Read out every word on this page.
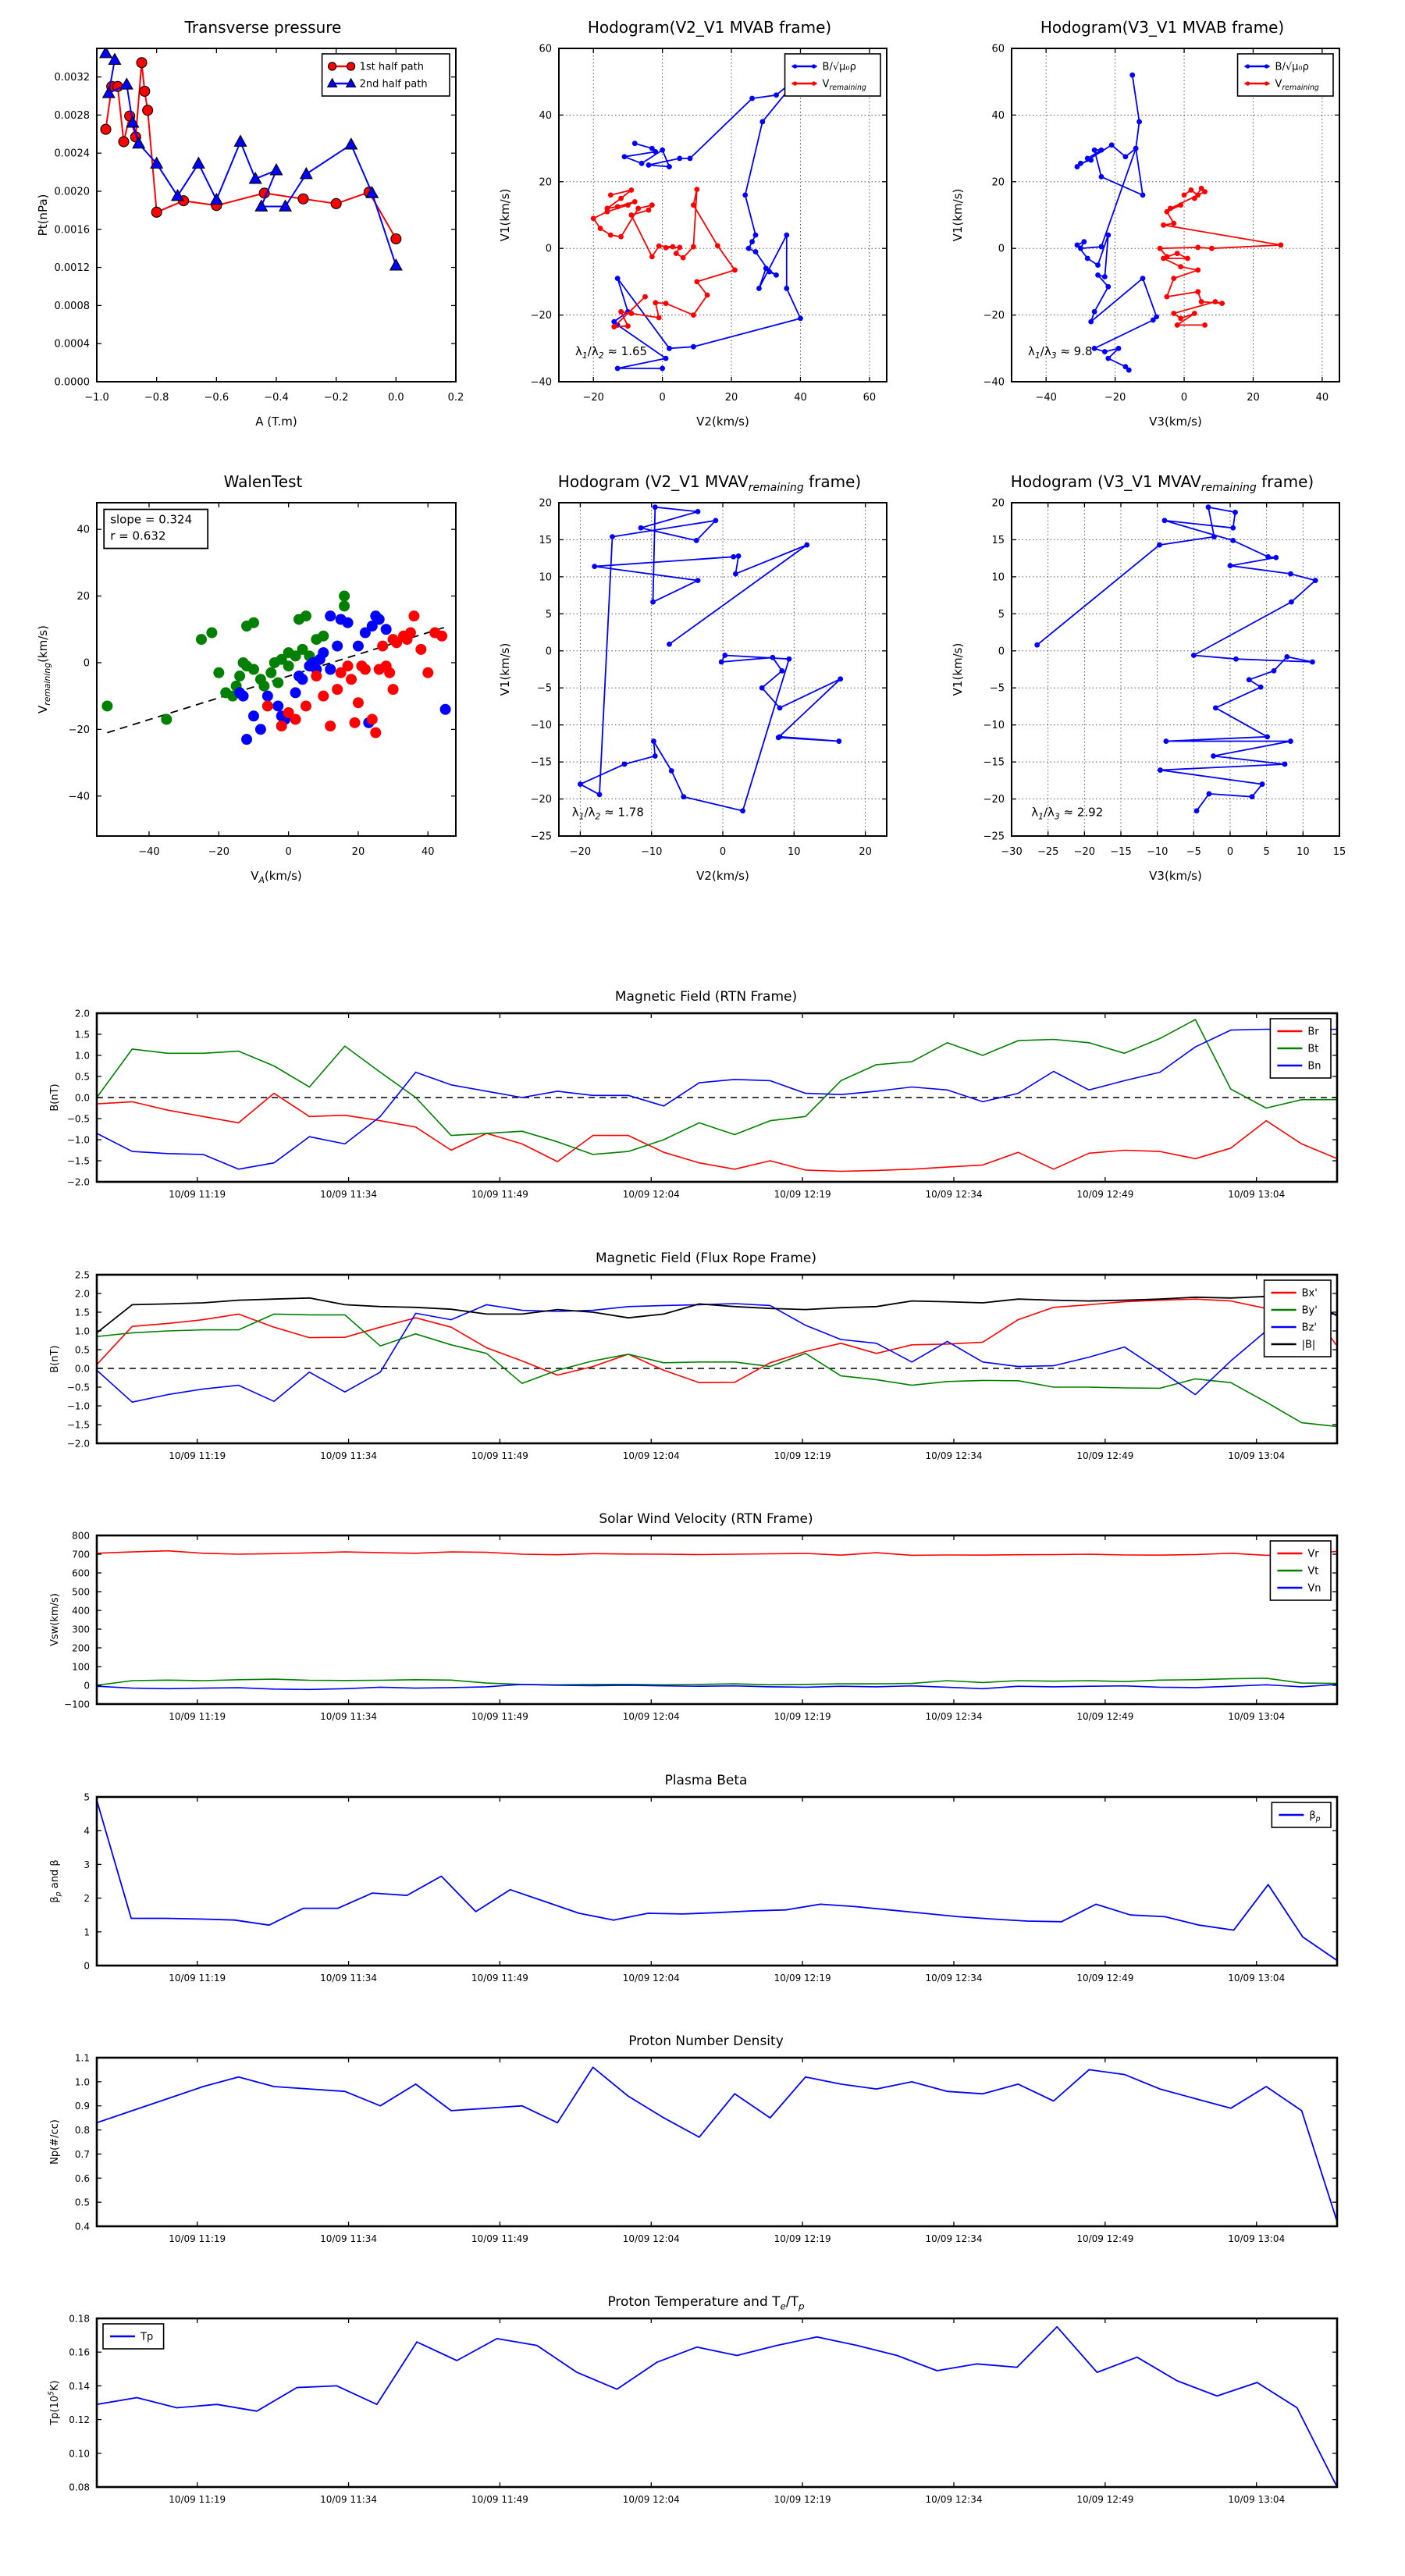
Transverse pressure
−1.0	−0.8	−0.6	−0.4	−0.2	0.0	0.2
0.0000
0.0004
0.0008
0.0012
0.0016
0.0020
0.0024
0.0028
0.0032
A (T.m)
Pt(nPa)
1st half path
2nd half path
Hodogram(V2_V1 MVAB frame)
−20	0	20	40	60
−40
−20
0
20
40
60
V2(km/s)
V1(km/s)
B/√μ₀ρ
$V_{remaining}$
$\lambda_1/\lambda_2 \approx 1.65$
Hodogram(V3_V1 MVAB frame)
−40	−20	0	20	40
−40
−20
0
20
40
60
V3(km/s)
V1(km/s)
B/√μ₀ρ
$V_{remaining}$
$\lambda_1/\lambda_3 \approx 9.8$
WalenTest
−40	−20	0	20	40
−40
−20
0
20
40
$V_A(km/s)$
$V_{remaining}(km/s)$
slope = 0.324
r = 0.632
Hodogram (V2_V1 $MVAV_{remaining}$ frame)
−20	−10	0	10	20
−25
−20
−15
−10
−5
0
5
10
15
20
V2(km/s)
V1(km/s)
$\lambda_1/\lambda_2 \approx 1.78$
Hodogram (V3_V1 $MVAV_{remaining}$ frame)
−30 −25 −20 −15 −10 −5	0	5	10 15
−25
−20
−15
−10
−5
0
5
10
15
20
V3(km/s)
V1(km/s)
$\lambda_1/\lambda_3 \approx 2.92$
Magnetic Field (RTN Frame)
10/09 11:19	10/09 11:34	10/09 11:49	10/09 12:04	10/09 12:19	10/09 12:34	10/09 12:49	10/09 13:04
−2.0
−1.5
−1.0
−0.5
0.0
0.5
1.0
1.5
2.0
B(nT)
Br
Bt
Bn
Magnetic Field (Flux Rope Frame)
10/09 11:19	10/09 11:34	10/09 11:49	10/09 12:04	10/09 12:19	10/09 12:34	10/09 12:49	10/09 13:04
−2.0
−1.5
−1.0
−0.5
0.0
0.5
1.0
1.5
2.0
2.5
B(nT)
Bx'
By'
Bz'
|B|
Solar Wind Velocity (RTN Frame)
10/09 11:19	10/09 11:34	10/09 11:49	10/09 12:04	10/09 12:19	10/09 12:34	10/09 12:49	10/09 13:04
−100
0
100
200
300
400
500
600
700
800
Vsw(km/s)
Vr
Vt
Vn
Plasma Beta
10/09 11:19	10/09 11:34	10/09 11:49	10/09 12:04	10/09 12:19	10/09 12:34	10/09 12:49	10/09 13:04
0
1
2
3
4
5
$\beta_p$ and β
$\beta_p$
Proton Number Density
10/09 11:19	10/09 11:34	10/09 11:49	10/09 12:04	10/09 12:19	10/09 12:34	10/09 12:49	10/09 13:04
0.4
0.5
0.6
0.7
0.8
0.9
1.0
1.1
Np(#/cc)
Proton Temperature and $T_e/T_p$
10/09 11:19	10/09 11:34	10/09 11:49	10/09 12:04	10/09 12:19	10/09 12:34	10/09 12:49	10/09 13:04
0.08
0.10
0.12
0.14
0.16
0.18
$Tp(10^5K)$
Tp
